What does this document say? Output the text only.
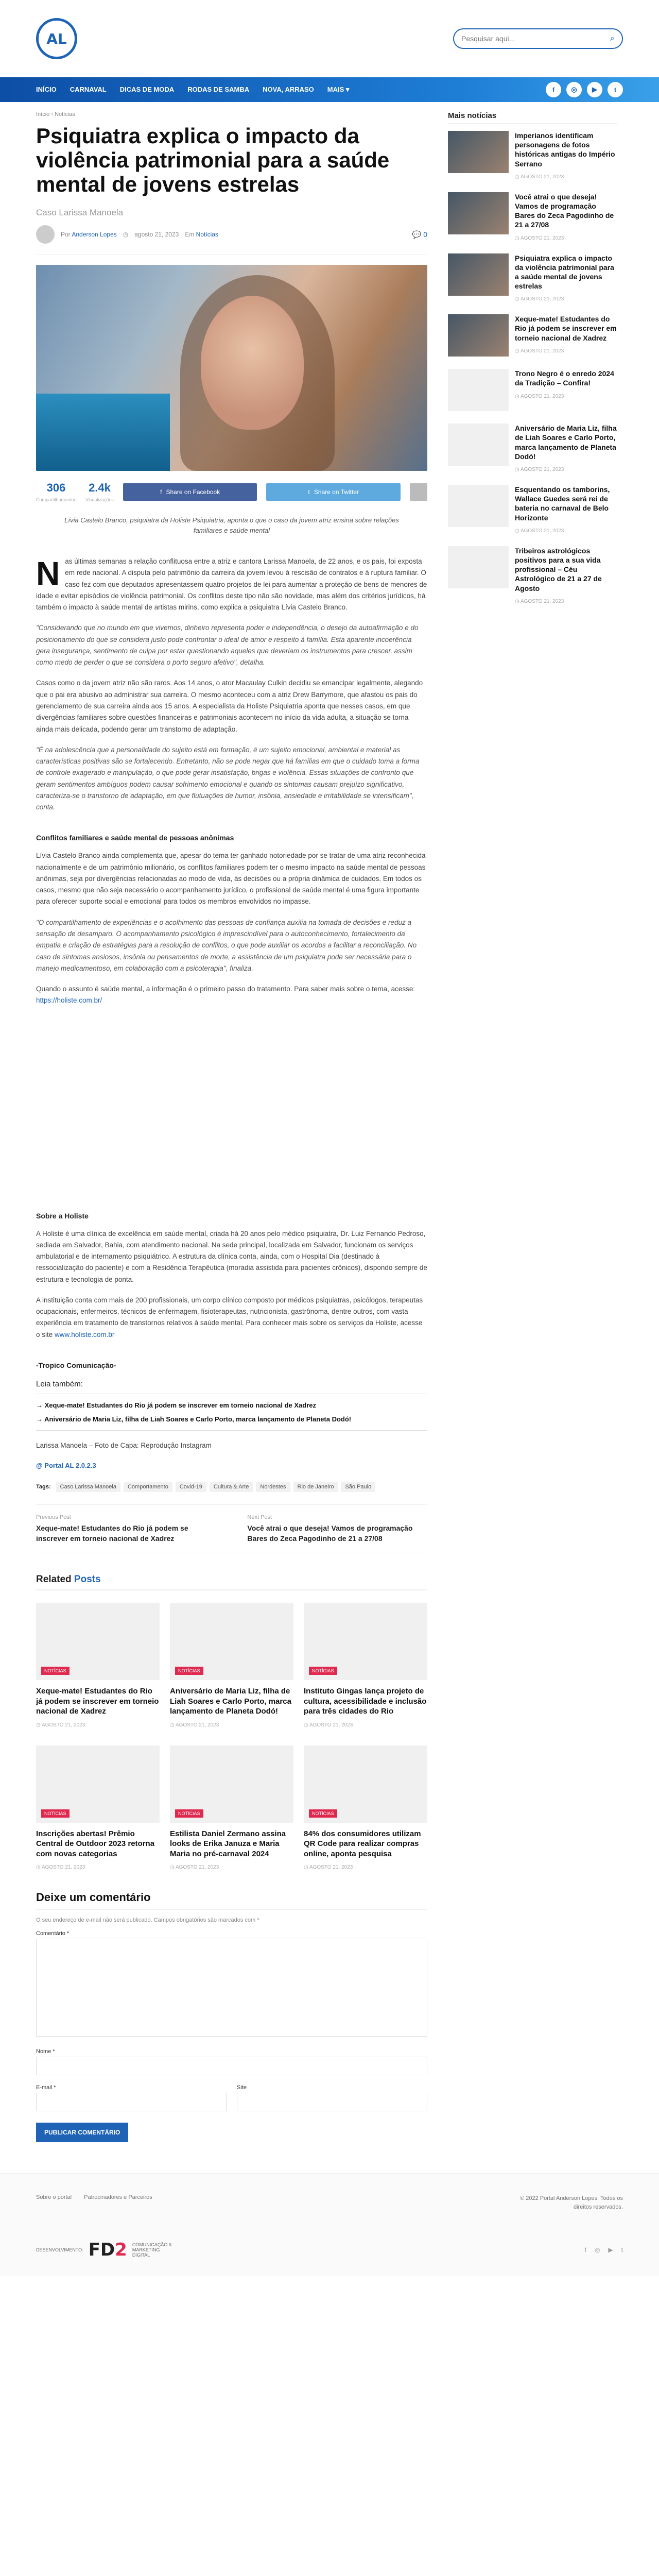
AL
Pesquisar aqui...	⌕
INÍCIO CARNAVAL DICAS DE MODA RODAS DE SAMBA NOVA, ARRASO MAIS ▾	f	◎	▶	t
Início › Notícias
Psiquiatra explica o impacto da violência patrimonial para a saúde mental de jovens estrelas
Caso Larissa Manoela
Por Anderson Lopes ◷ agosto 21, 2023 Em Notícias	💬 0
306
Compartilhamentos
2.4k
Visualizações
f Share on Facebook	t Share on Twitter

Lívia Castelo Branco, psiquiatra da Holiste Psiquiatria, aponta o que o caso da jovem atriz ensina sobre relações familiares e saúde mental

Nas últimas semanas a relação conflituosa entre a atriz e cantora Larissa Manoela, de 22 anos, e os pais, foi exposta em rede nacional. A disputa pelo patrimônio da carreira da jovem levou à rescisão de contratos e à ruptura familiar. O caso fez com que deputados apresentassem quatro projetos de lei para aumentar a proteção de bens de menores de idade e evitar episódios de violência patrimonial. Os conflitos deste tipo não são novidade, mas além dos critérios jurídicos, há também o impacto à saúde mental de artistas mirins, como explica a psiquiatra Lívia Castelo Branco.

"Considerando que no mundo em que vivemos, dinheiro representa poder e independência, o desejo da autoafirmação e do posicionamento do que se considera justo pode confrontar o ideal de amor e respeito à família. Esta aparente incoerência gera insegurança, sentimento de culpa por estar questionando aqueles que deveriam os instrumentos para crescer, assim como medo de perder o que se considera o porto seguro afetivo", detalha.

Casos como o da jovem atriz não são raros. Aos 14 anos, o ator Macaulay Culkin decidiu se emancipar legalmente, alegando que o pai era abusivo ao administrar sua carreira. O mesmo aconteceu com a atriz Drew Barrymore, que afastou os pais do gerenciamento de sua carreira ainda aos 15 anos. A especialista da Holiste Psiquiatria aponta que nesses casos, em que divergências familiares sobre questões financeiras e patrimoniais acontecem no início da vida adulta, a situação se torna ainda mais delicada, podendo gerar um transtorno de adaptação.

"É na adolescência que a personalidade do sujeito está em formação, é um sujeito emocional, ambiental e material as características positivas são se fortalecendo. Entretanto, não se pode negar que há famílias em que o cuidado toma a forma de controle exagerado e manipulação, o que pode gerar insatisfação, brigas e violência. Essas situações de confronto que geram sentimentos ambíguos podem causar sofrimento emocional e quando os sintomas causam prejuízo significativo, caracteriza-se o transtorno de adaptação, em que flutuações de humor, insônia, ansiedade e irritabilidade se intensificam", conta.

Conflitos familiares e saúde mental de pessoas anônimas

Lívia Castelo Branco ainda complementa que, apesar do tema ter ganhado notoriedade por se tratar de uma atriz reconhecida nacionalmente e de um patrimônio milionário, os conflitos familiares podem ter o mesmo impacto na saúde mental de pessoas anônimas, seja por divergências relacionadas ao modo de vida, às decisões ou a própria dinâmica de cuidados. Em todos os casos, mesmo que não seja necessário o acompanhamento jurídico, o profissional de saúde mental é uma figura importante para oferecer suporte social e emocional para todos os membros envolvidos no impasse.

"O compartilhamento de experiências e o acolhimento das pessoas de confiança auxilia na tomada de decisões e reduz a sensação de desamparo. O acompanhamento psicológico é imprescindível para o autoconhecimento, fortalecimento da empatia e criação de estratégias para a resolução de conflitos, o que pode auxiliar os acordos a facilitar a reconciliação. No caso de sintomas ansiosos, insônia ou pensamentos de morte, a assistência de um psiquiatra pode ser necessária para o manejo medicamentoso, em colaboração com a psicoterapia", finaliza.

Quando o assunto é saúde mental, a informação é o primeiro passo do tratamento. Para saber mais sobre o tema, acesse: https://holiste.com.br/

Sobre a Holiste

A Holiste é uma clínica de excelência em saúde mental, criada há 20 anos pelo médico psiquiatra, Dr. Luiz Fernando Pedroso, sediada em Salvador, Bahia, com atendimento nacional. Na sede principal, localizada em Salvador, funcionam os serviços ambulatorial e de internamento psiquiátrico. A estrutura da clínica conta, ainda, com o Hospital Dia (destinado à ressocialização do paciente) e com a Residência Terapêutica (moradia assistida para pacientes crônicos), dispondo sempre de estrutura e tecnologia de ponta.

A instituição conta com mais de 200 profissionais, um corpo clínico composto por médicos psiquiatras, psicólogos, terapeutas ocupacionais, enfermeiros, técnicos de enfermagem, fisioterapeutas, nutricionista, gastrônoma, dentre outros, com vasta experiência em tratamento de transtornos relativos à saúde mental. Para conhecer mais sobre os serviços da Holiste, acesse o site www.holiste.com.br

-Tropico Comunicação-
Leia também:
→ Xeque-mate! Estudantes do Rio já podem se inscrever em torneio nacional de Xadrez
→ Aniversário de Maria Liz, filha de Liah Soares e Carlo Porto, marca lançamento de Planeta Dodó!

Larissa Manoela – Foto de Capa: Reprodução Instagram

@ Portal AL 2.0.2.3
Tags:	Caso Larissa Manoela	Comportamento	Covid-19	Cultura & Arte	Nordestes	Rio de Janeiro	São Paulo
Previous Post

Xeque-mate! Estudantes do Rio já podem se inscrever em torneio nacional de Xadrez

Next Post

Você atrai o que deseja! Vamos de programação Bares do Zeca Pagodinho de 21 a 27/08

Related Posts
NOTÍCIAS
Xeque-mate! Estudantes do Rio já podem se inscrever em torneio nacional de Xadrez
◷ AGOSTO 21, 2023
NOTÍCIAS
Aniversário de Maria Liz, filha de Liah Soares e Carlo Porto, marca lançamento de Planeta Dodó!
◷ AGOSTO 21, 2023
NOTÍCIAS
Instituto Gingas lança projeto de cultura, acessibilidade e inclusão para três cidades do Rio
◷ AGOSTO 21, 2023
NOTÍCIAS
Inscrições abertas! Prêmio Central de Outdoor 2023 retorna com novas categorias
◷ AGOSTO 21, 2023
NOTÍCIAS
Estilista Daniel Zermano assina looks de Erika Januza e Maria Maria no pré-carnaval 2024
◷ AGOSTO 21, 2023
NOTÍCIAS
84% dos consumidores utilizam QR Code para realizar compras online, aponta pesquisa
◷ AGOSTO 21, 2023
Deixe um comentário

O seu endereço de e-mail não será publicado. Campos obrigatórios são marcados com *

Comentário *
Nome *
E-mail *	Site
PUBLICAR COMENTÁRIO
Mais notícias
Imperianos identificam personagens de fotos históricas antigas do Império Serrano
◷ AGOSTO 21, 2023
Você atrai o que deseja! Vamos de programação Bares do Zeca Pagodinho de 21 a 27/08
◷ AGOSTO 21, 2023
Psiquiatra explica o impacto da violência patrimonial para a saúde mental de jovens estrelas
◷ AGOSTO 21, 2023
Xeque-mate! Estudantes do Rio já podem se inscrever em torneio nacional de Xadrez
◷ AGOSTO 21, 2023
Trono Negro é o enredo 2024 da Tradição – Confira!
◷ AGOSTO 21, 2023
Aniversário de Maria Liz, filha de Liah Soares e Carlo Porto, marca lançamento de Planeta Dodó!
◷ AGOSTO 21, 2023
Esquentando os tamborins, Wallace Guedes será rei de bateria no carnaval de Belo Horizonte
◷ AGOSTO 21, 2023
Tribeiros astrológicos positivos para a sua vida profissional – Céu Astrológico de 21 a 27 de Agosto
◷ AGOSTO 21, 2023
Sobre o portal Patrocinadores e Parceiros	© 2022 Portal Anderson Lopes. Todos os direitos reservados.
DESENVOLVIMENTO: FD2 COMUNICAÇÃO & MARKETING DIGITAL
f ◎ ▶ t
